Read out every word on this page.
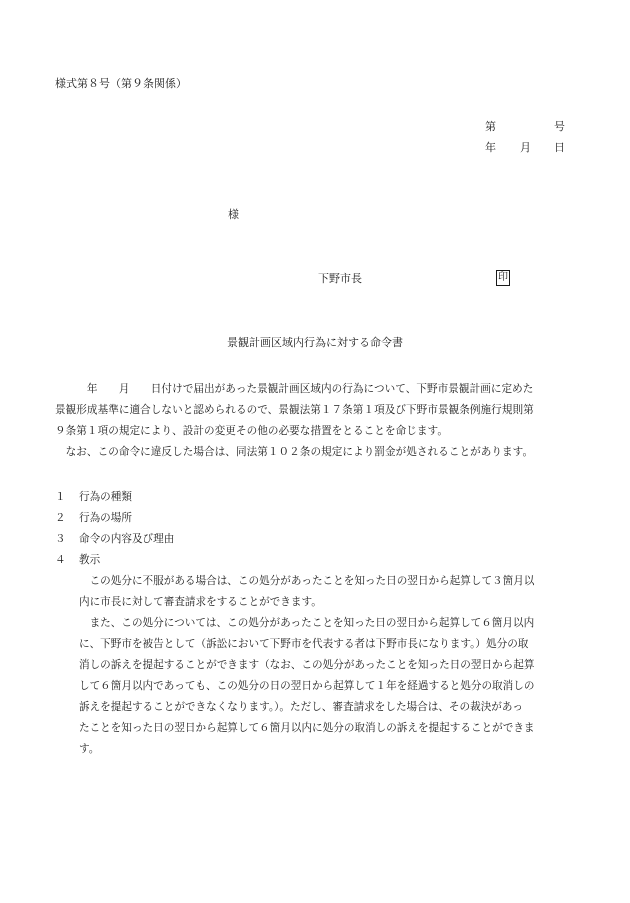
様式第８号（第９条関係）
第	号
年 月 日
様
下野市長	印
景観計画区域内行為に対する命令書

　　　年　　月　　日付けで届出があった景観計画区域内の行為について、下野市景観計画に定めた

景観形成基準に適合しないと認められるので、景観法第１７条第１項及び下野市景観条例施行規則第

９条第１項の規定により、設計の変更その他の必要な措置をとることを命じます。

　なお、この命令に違反した場合は、同法第１０２条の規定により罰金が処されることがあります。

１	行為の種類
２	行為の場所
３	命令の内容及び理由
４	教示

　この処分に不服がある場合は、この処分があったことを知った日の翌日から起算して３箇月以

内に市長に対して審査請求をすることができます。

　また、この処分については、この処分があったことを知った日の翌日から起算して６箇月以内

に、下野市を被告として（訴訟において下野市を代表する者は下野市長になります。）処分の取

消しの訴えを提起することができます（なお、この処分があったことを知った日の翌日から起算

して６箇月以内であっても、この処分の日の翌日から起算して１年を経過すると処分の取消しの

訴えを提起することができなくなります。）。ただし、審査請求をした場合は、その裁決があっ

たことを知った日の翌日から起算して６箇月以内に処分の取消しの訴えを提起することができま

す。
